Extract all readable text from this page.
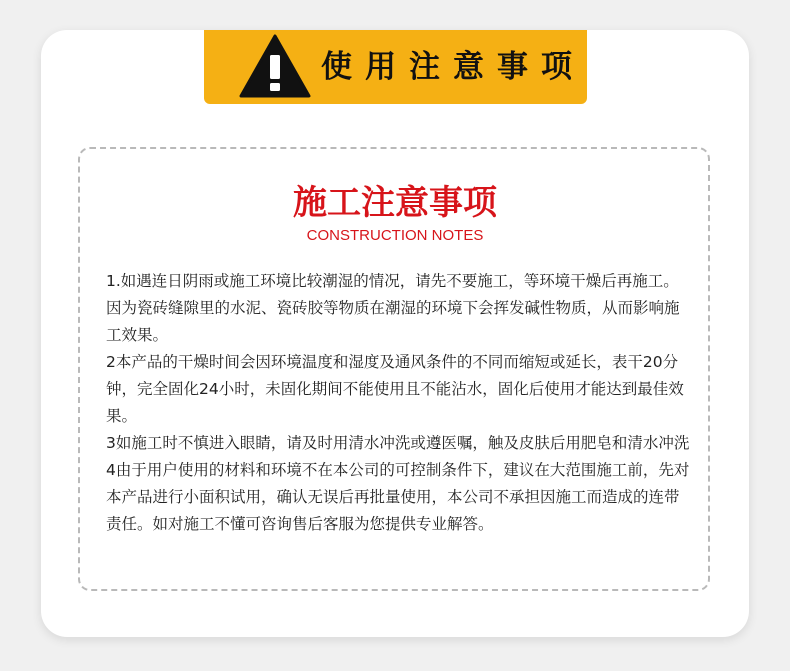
使用注意事项
施工注意事项
CONSTRUCTION NOTES

1.如遇连日阴雨或施工环境比较潮湿的情况，请先不要施工，等环境干燥后再施工。 因为瓷砖缝隙里的水泥、瓷砖胶等物质在潮湿的环境下会挥发碱性物质，从而影响施工效果。

2本产品的干燥时间会因环境温度和湿度及通风条件的不同而缩短或延长，表干20分钟，完全固化24小时，未固化期间不能使用且不能沾水，固化后使用才能达到最佳效果。

3如施工时不慎进入眼睛，请及时用清水冲洗或遵医嘱，触及皮肤后用肥皂和清水冲洗

4由于用户使用的材料和环境不在本公司的可控制条件下，建议在大范围施工前，先对本产品进行小面积试用，确认无误后再批量使用，本公司不承担因施工而造成的连带责任。如对施工不懂可咨询售后客服为您提供专业解答。
